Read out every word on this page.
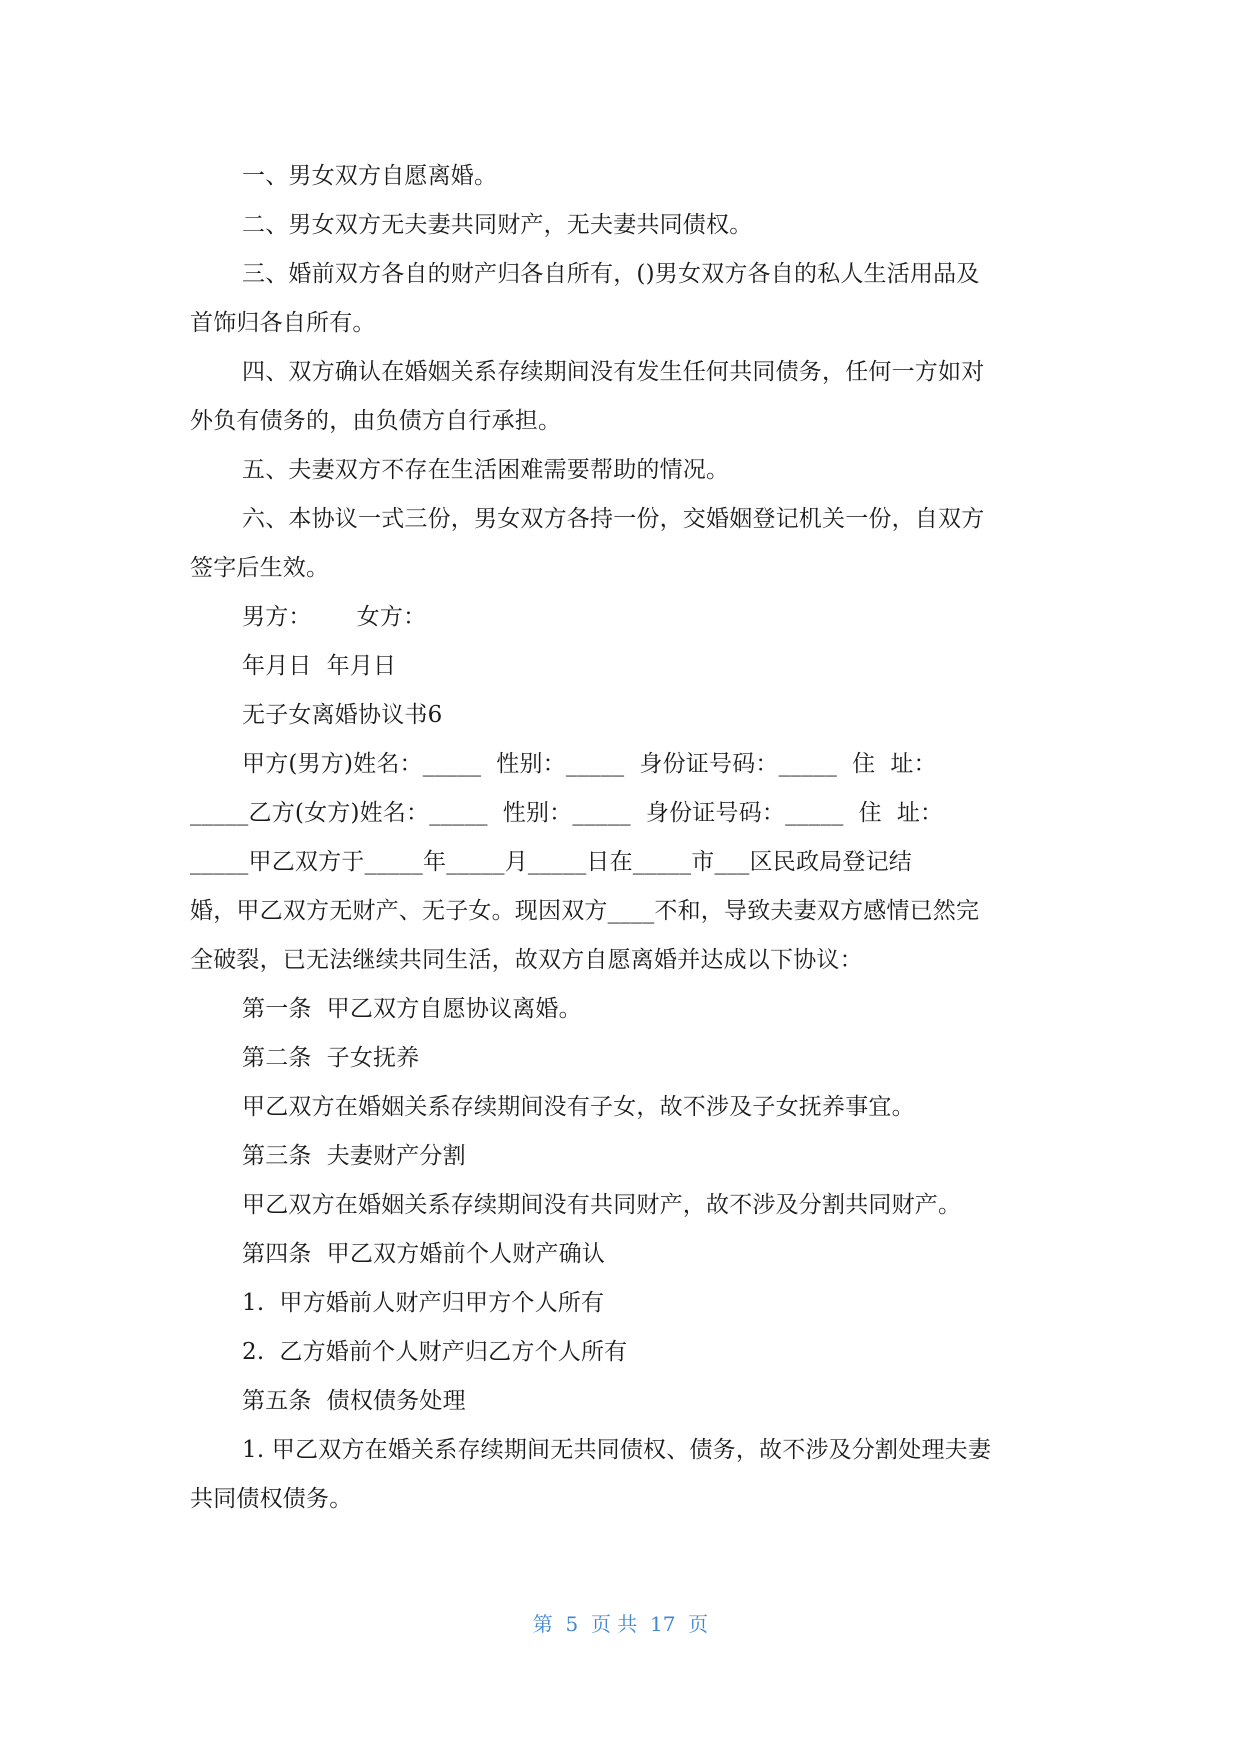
一、男女双方自愿离婚。
二、男女双方无夫妻共同财产，无夫妻共同债权。
三、婚前双方各自的财产归各自所有，()男女双方各自的私人生活用品及
首饰归各自所有。
四、双方确认在婚姻关系存续期间没有发生任何共同债务，任何一方如对
外负有债务的，由负债方自行承担。
五、夫妻双方不存在生活困难需要帮助的情况。
六、本协议一式三份，男女双方各持一份，交婚姻登记机关一份，自双方
签字后生效。
男方：      女方：
年月日  年月日
无子女离婚协议书6
甲方(男方)姓名：_____  性别：_____  身份证号码：_____  住  址：
_____乙方(女方)姓名：_____  性别：_____  身份证号码：_____  住  址：
_____甲乙双方于_____年_____月_____日在_____市___区民政局登记结
婚，甲乙双方无财产、无子女。现因双方____不和，导致夫妻双方感情已然完
全破裂，已无法继续共同生活，故双方自愿离婚并达成以下协议：
第一条  甲乙双方自愿协议离婚。
第二条  子女抚养
甲乙双方在婚姻关系存续期间没有子女，故不涉及子女抚养事宜。
第三条  夫妻财产分割
甲乙双方在婚姻关系存续期间没有共同财产，故不涉及分割共同财产。
第四条  甲乙双方婚前个人财产确认
1.  甲方婚前人财产归甲方个人所有
2.  乙方婚前个人财产归乙方个人所有
第五条  债权债务处理
1. 甲乙双方在婚关系存续期间无共同债权、债务，故不涉及分割处理夫妻
共同债权债务。
第  5  页 共  17  页
